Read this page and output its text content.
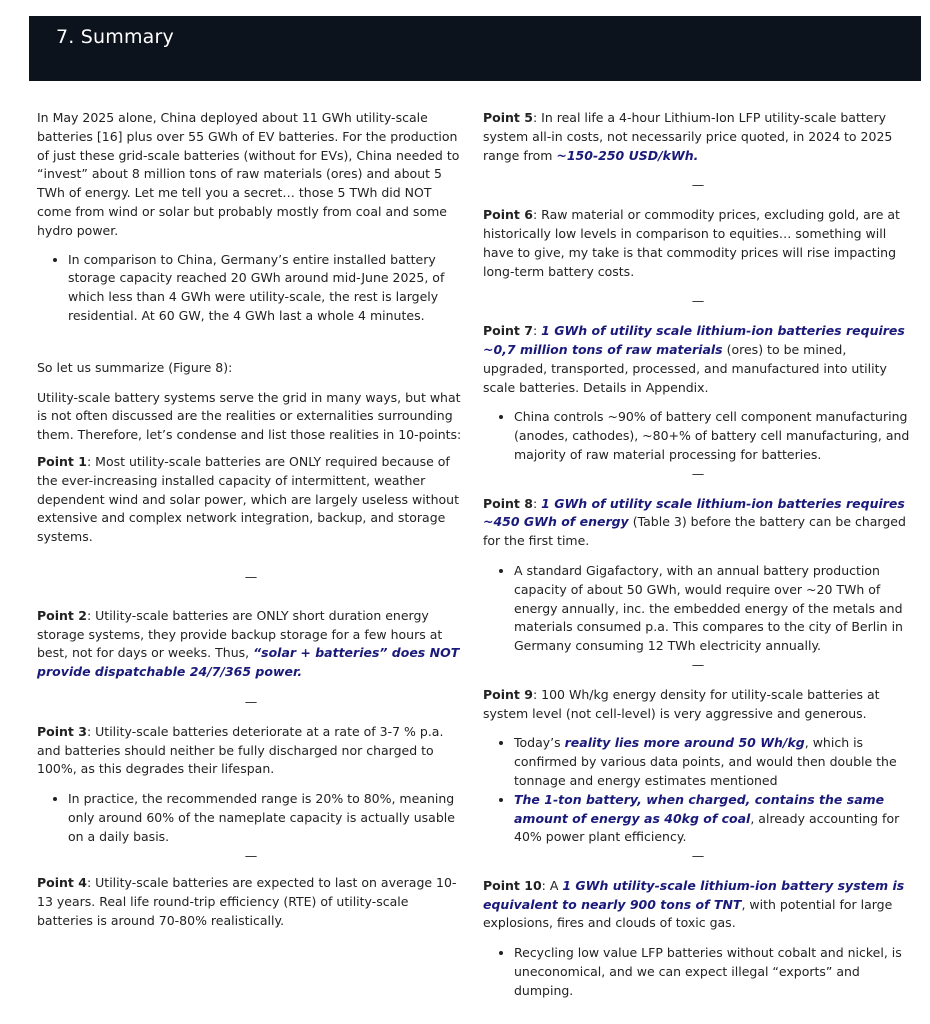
7. Summary

In May 2025 alone, China deployed about 11 GWh utility-scale batteries [16] plus over 55 GWh of EV batteries. For the production of just these grid-scale batteries (without for EVs), China needed to “invest” about 8 million tons of raw materials (ores) and about 5 TWh of energy. Let me tell you a secret… those 5 TWh did NOT come from wind or solar but probably mostly from coal and some hydro power.

• In comparison to China, Germany’s entire installed battery storage capacity reached 20 GWh around mid-June 2025, of which less than 4 GWh were utility-scale, the rest is largely residential. At 60 GW, the 4 GWh last a whole 4 minutes.

So let us summarize (Figure 8):

Utility-scale battery systems serve the grid in many ways, but what is not often discussed are the realities or externalities surrounding them. Therefore, let’s condense and list those realities in 10-points:

Point 1: Most utility-scale batteries are ONLY required because of the ever-increasing installed capacity of intermittent, weather dependent wind and solar power, which are largely useless without extensive and complex network integration, backup, and storage systems.

—

Point 2: Utility-scale batteries are ONLY short duration energy storage systems, they provide backup storage for a few hours at best, not for days or weeks. Thus, “solar + batteries” does NOT provide dispatchable 24/7/365 power.

—

Point 3: Utility-scale batteries deteriorate at a rate of 3-7 % p.a. and batteries should neither be fully discharged nor charged to 100%, as this degrades their lifespan.

• In practice, the recommended range is 20% to 80%, meaning only around 60% of the nameplate capacity is actually usable on a daily basis.

—

Point 4: Utility-scale batteries are expected to last on average 10-13 years. Real life round-trip efficiency (RTE) of utility-scale batteries is around 70-80% realistically.

Point 5: In real life a 4-hour Lithium-Ion LFP utility-scale battery system all-in costs, not necessarily price quoted, in 2024 to 2025 range from ~150-250 USD/kWh.

—

Point 6: Raw material or commodity prices, excluding gold, are at historically low levels in comparison to equities… something will have to give, my take is that commodity prices will rise impacting long-term battery costs.

—

Point 7: 1 GWh of utility scale lithium-ion batteries requires ~0,7 million tons of raw materials (ores) to be mined, upgraded, transported, processed, and manufactured into utility scale batteries. Details in Appendix.

• China controls ~90% of battery cell component manufacturing (anodes, cathodes), ~80+% of battery cell manufacturing, and majority of raw material processing for batteries.

—

Point 8: 1 GWh of utility scale lithium-ion batteries requires ~450 GWh of energy (Table 3) before the battery can be charged for the first time.

• A standard Gigafactory, with an annual battery production capacity of about 50 GWh, would require over ~20 TWh of energy annually, inc. the embedded energy of the metals and materials consumed p.a. This compares to the city of Berlin in Germany consuming 12 TWh electricity annually.

—

Point 9: 100 Wh/kg energy density for utility-scale batteries at system level (not cell-level) is very aggressive and generous.

• Today’s reality lies more around 50 Wh/kg, which is confirmed by various data points, and would then double the tonnage and energy estimates mentioned
• The 1-ton battery, when charged, contains the same amount of energy as 40kg of coal, already accounting for 40% power plant efficiency.

—

Point 10: A 1 GWh utility-scale lithium-ion battery system is equivalent to nearly 900 tons of TNT, with potential for large explosions, fires and clouds of toxic gas.

• Recycling low value LFP batteries without cobalt and nickel, is uneconomical, and we can expect illegal “exports” and dumping.
